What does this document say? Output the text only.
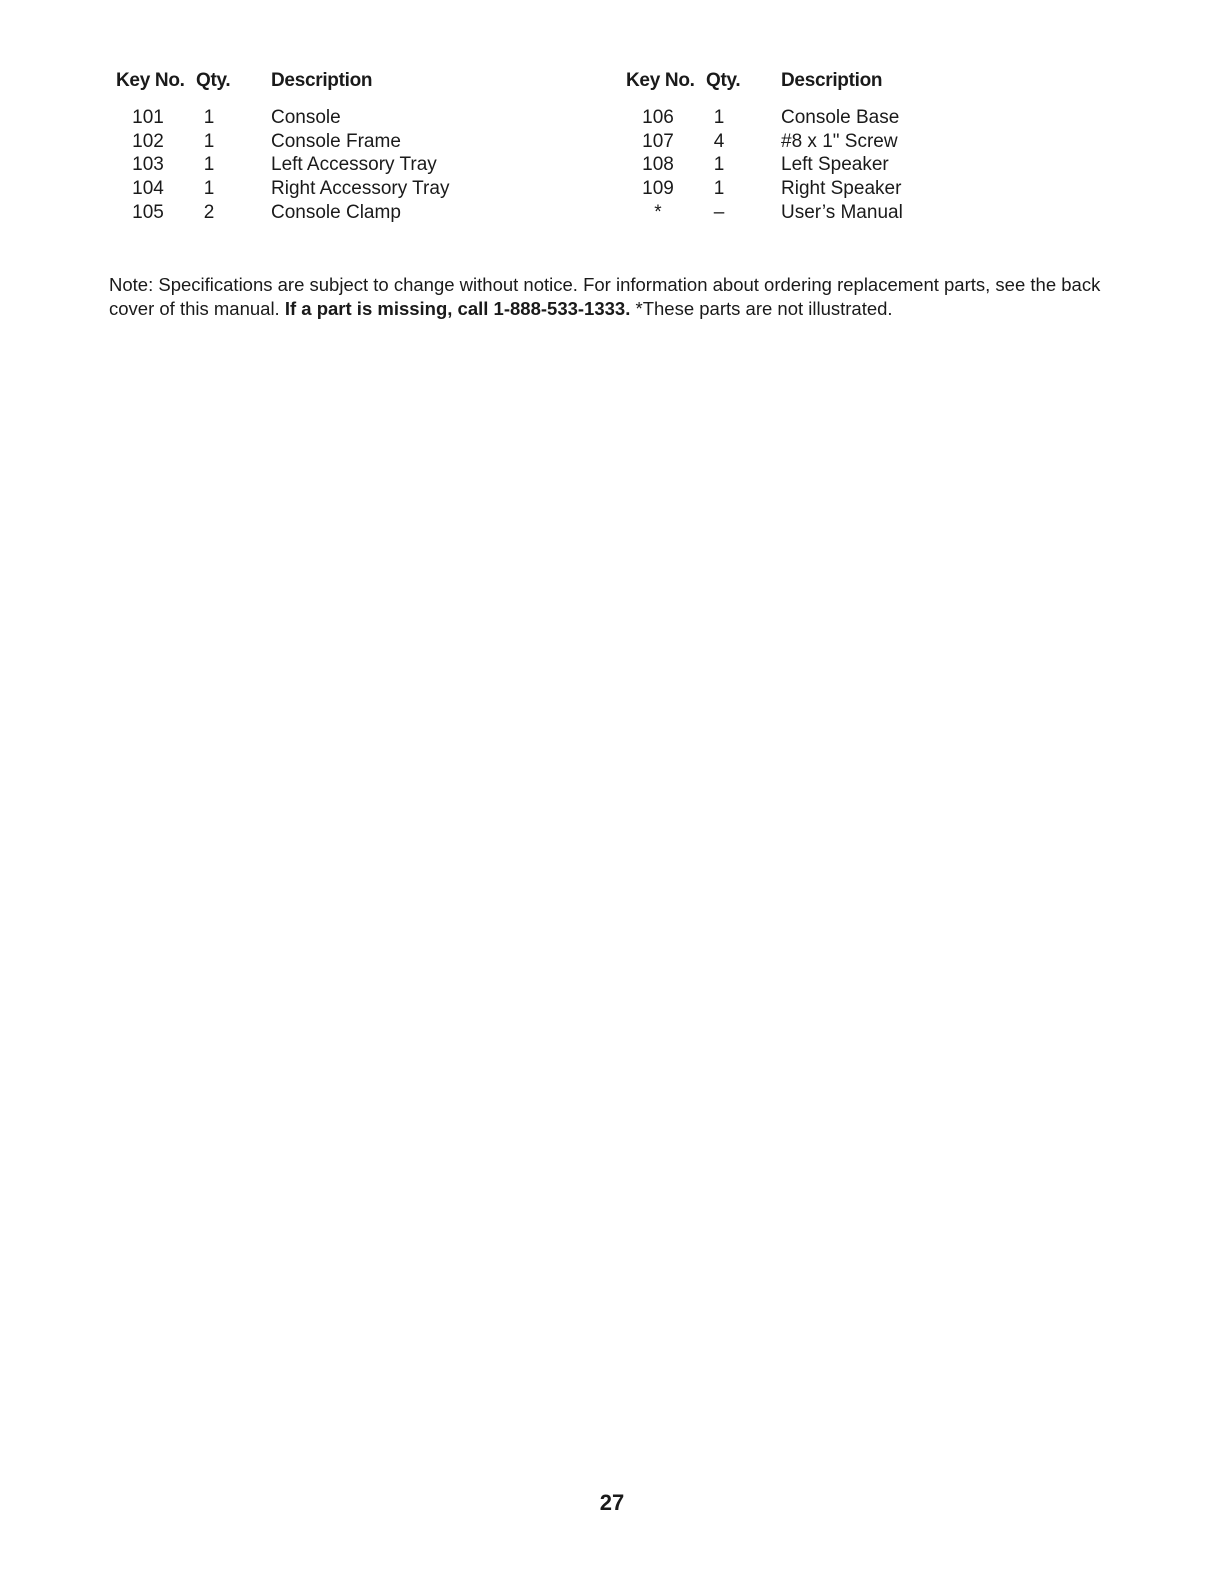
Key No. Qty. Description
101	1	Console
102	1	Console Frame
103	1	Left Accessory Tray
104	1	Right Accessory Tray
105	2	Console Clamp
Key No. Qty. Description
106	1	Console Base
107	4	#8 x 1" Screw
108	1	Left Speaker
109	1	Right Speaker
*	–	User’s Manual

Note: Specifications are subject to change without notice. For information about ordering replacement parts, see the back cover of this manual. If a part is missing, call 1-888-533-1333. *These parts are not illustrated.

27
